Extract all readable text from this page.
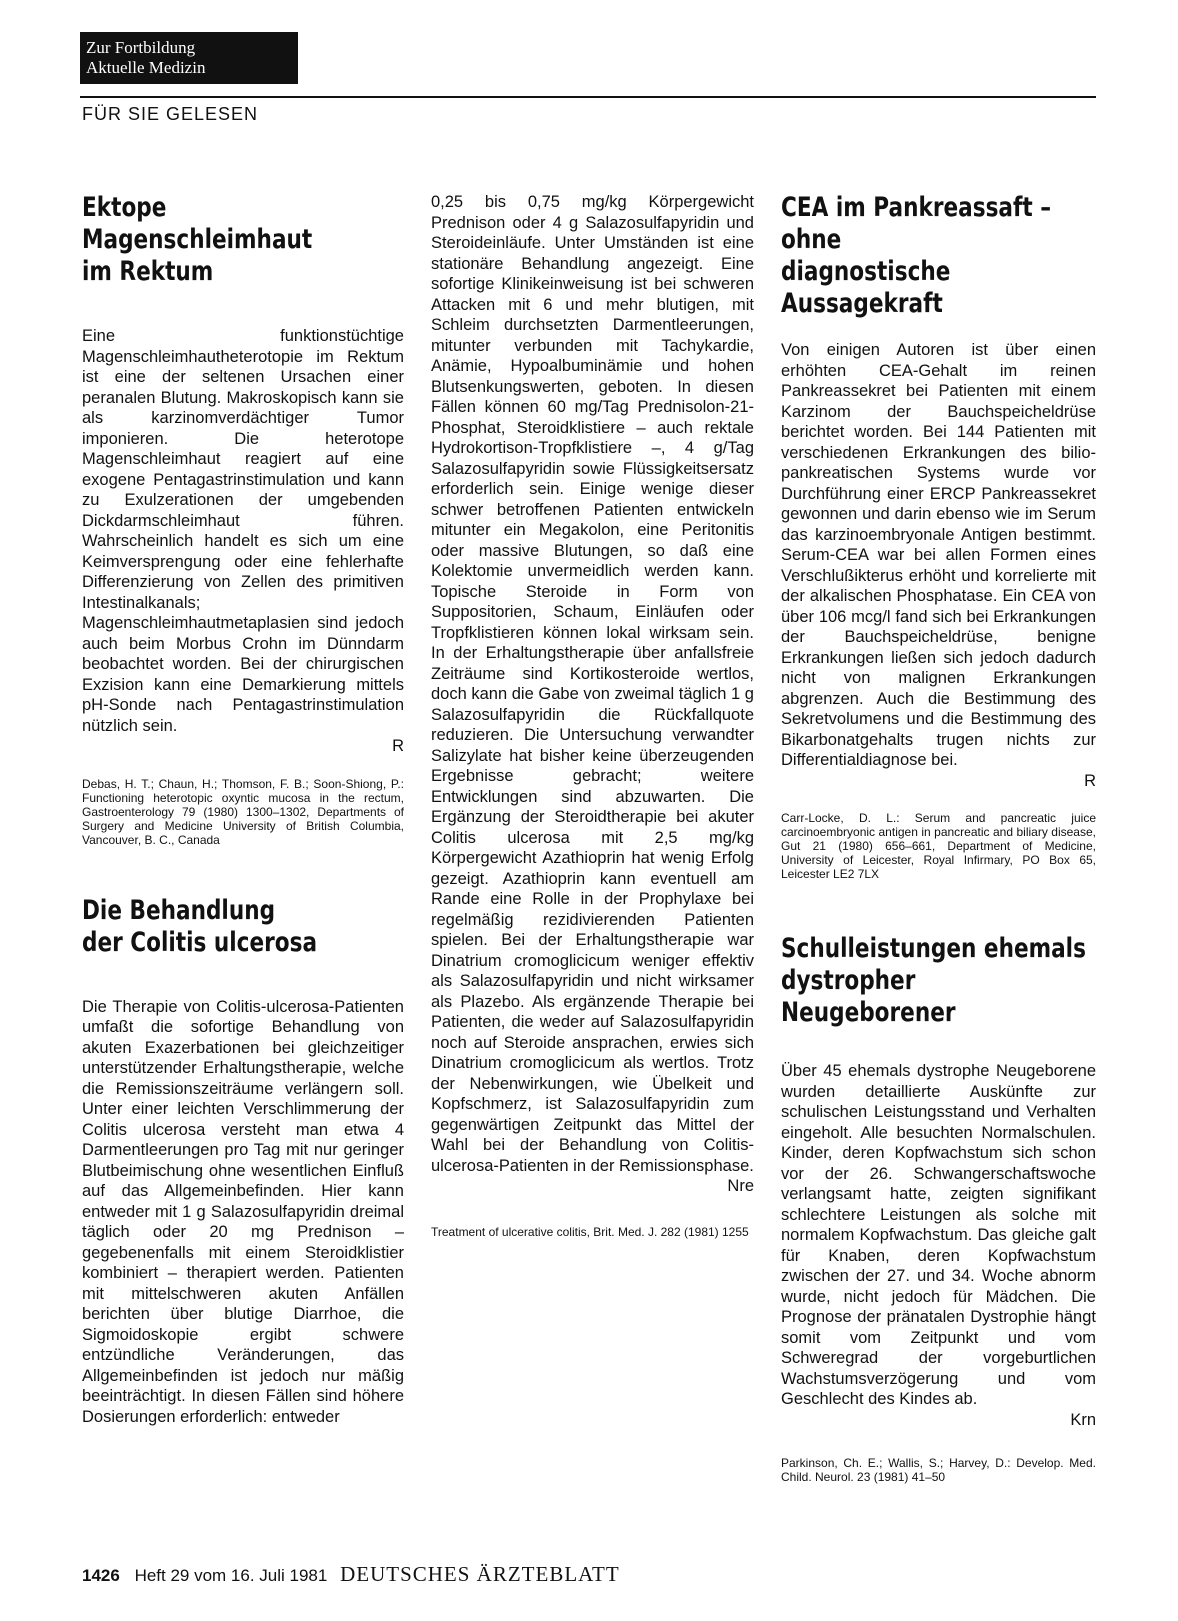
Zur Fortbildung
Aktuelle Medizin
FÜR SIE GELESEN
Ektope Magenschleimhaut
im Rektum

Eine funktionstüchtige Magenschleimhautheterotopie im Rektum ist eine der seltenen Ursachen einer peranalen Blutung. Makroskopisch kann sie als karzinomverdächtiger Tumor imponieren. Die heterotope Magenschleimhaut reagiert auf eine exogene Pentagastrinstimulation und kann zu Exulzerationen der umgebenden Dickdarmschleimhaut führen. Wahrscheinlich handelt es sich um eine Keimversprengung oder eine fehlerhafte Differenzierung von Zellen des primitiven Intestinalkanals; Magenschleimhautmetaplasien sind jedoch auch beim Morbus Crohn im Dünndarm beobachtet worden. Bei der chirurgischen Exzision kann eine Demarkierung mittels pH-Sonde nach Pentagastrinstimulation nützlich sein.
R

Debas, H. T.; Chaun, H.; Thomson, F. B.; Soon-Shiong, P.: Functioning heterotopic oxyntic mucosa in the rectum, Gastroenterology 79 (1980) 1300–1302, Departments of Surgery and Medicine University of British Columbia, Vancouver, B. C., Canada

Die Behandlung
der Colitis ulcerosa

Die Therapie von Colitis-ulcerosa-Patienten umfaßt die sofortige Behandlung von akuten Exazerbationen bei gleichzeitiger unterstützender Erhaltungstherapie, welche die Remissionszeiträume verlängern soll. Unter einer leichten Verschlimmerung der Colitis ulcerosa versteht man etwa 4 Darmentleerungen pro Tag mit nur geringer Blutbeimischung ohne wesentlichen Einfluß auf das Allgemeinbefinden. Hier kann entweder mit 1 g Salazosulfapyridin dreimal täglich oder 20 mg Prednison – gegebenenfalls mit einem Steroidklistier kombiniert – therapiert werden. Patienten mit mittelschweren akuten Anfällen berichten über blutige Diarrhoe, die Sigmoidoskopie ergibt schwere entzündliche Veränderungen, das Allgemeinbefinden ist jedoch nur mäßig beeinträchtigt. In diesen Fällen sind höhere Dosierungen erforderlich: entweder

0,25 bis 0,75 mg/kg Körpergewicht Prednison oder 4 g Salazosulfapyridin und Steroideinläufe. Unter Umständen ist eine stationäre Behandlung angezeigt. Eine sofortige Klinikeinweisung ist bei schweren Attacken mit 6 und mehr blutigen, mit Schleim durchsetzten Darmentleerungen, mitunter verbunden mit Tachykardie, Anämie, Hypoalbuminämie und hohen Blutsenkungswerten, geboten. In diesen Fällen können 60 mg/Tag Prednisolon-21-Phosphat, Steroidklistiere – auch rektale Hydrokortison-Tropfklistiere –, 4 g/Tag Salazosulfapyridin sowie Flüssigkeitsersatz erforderlich sein. Einige wenige dieser schwer betroffenen Patienten entwickeln mitunter ein Megakolon, eine Peritonitis oder massive Blutungen, so daß eine Kolektomie unvermeidlich werden kann. Topische Steroide in Form von Suppositorien, Schaum, Einläufen oder Tropfklistieren können lokal wirksam sein. In der Erhaltungstherapie über anfallsfreie Zeiträume sind Kortikosteroide wertlos, doch kann die Gabe von zweimal täglich 1 g Salazosulfapyridin die Rückfallquote reduzieren. Die Untersuchung verwandter Salizylate hat bisher keine überzeugenden Ergebnisse gebracht; weitere Entwicklungen sind abzuwarten. Die Ergänzung der Steroidtherapie bei akuter Colitis ulcerosa mit 2,5 mg/kg Körpergewicht Azathioprin hat wenig Erfolg gezeigt. Azathioprin kann eventuell am Rande eine Rolle in der Prophylaxe bei regelmäßig rezidivierenden Patienten spielen. Bei der Erhaltungstherapie war Dinatrium cromoglicicum weniger effektiv als Salazosulfapyridin und nicht wirksamer als Plazebo. Als ergänzende Therapie bei Patienten, die weder auf Salazosulfapyridin noch auf Steroide ansprachen, erwies sich Dinatrium cromoglicicum als wertlos. Trotz der Nebenwirkungen, wie Übelkeit und Kopfschmerz, ist Salazosulfapyridin zum gegenwärtigen Zeitpunkt das Mittel der Wahl bei der Behandlung von Colitis-ulcerosa-Patienten in der Remissionsphase.
Nre

Treatment of ulcerative colitis, Brit. Med. J. 282 (1981) 1255

CEA im Pankreassaft – ohne
diagnostische Aussagekraft

Von einigen Autoren ist über einen erhöhten CEA-Gehalt im reinen Pankreassekret bei Patienten mit einem Karzinom der Bauchspeicheldrüse berichtet worden. Bei 144 Patienten mit verschiedenen Erkrankungen des bilio-pankreatischen Systems wurde vor Durchführung einer ERCP Pankreassekret gewonnen und darin ebenso wie im Serum das karzinoembryonale Antigen bestimmt. Serum-CEA war bei allen Formen eines Verschlußikterus erhöht und korrelierte mit der alkalischen Phosphatase. Ein CEA von über 106 mcg/l fand sich bei Erkrankungen der Bauchspeicheldrüse, benigne Erkrankungen ließen sich jedoch dadurch nicht von malignen Erkrankungen abgrenzen. Auch die Bestimmung des Sekretvolumens und die Bestimmung des Bikarbonatgehalts trugen nichts zur Differentialdiagnose bei.
R

Carr-Locke, D. L.: Serum and pancreatic juice carcinoembryonic antigen in pancreatic and biliary disease, Gut 21 (1980) 656–661, Department of Medicine, University of Leicester, Royal Infirmary, PO Box 65, Leicester LE2 7LX

Schulleistungen ehemals
dystropher Neugeborener

Über 45 ehemals dystrophe Neugeborene wurden detaillierte Auskünfte zur schulischen Leistungsstand und Verhalten eingeholt. Alle besuchten Normalschulen. Kinder, deren Kopfwachstum sich schon vor der 26. Schwangerschaftswoche verlangsamt hatte, zeigten signifikant schlechtere Leistungen als solche mit normalem Kopfwachstum. Das gleiche galt für Knaben, deren Kopfwachstum zwischen der 27. und 34. Woche abnorm wurde, nicht jedoch für Mädchen. Die Prognose der pränatalen Dystrophie hängt somit vom Zeitpunkt und vom Schweregrad der vorgeburtlichen Wachstumsverzögerung und vom Geschlecht des Kindes ab.
Krn

Parkinson, Ch. E.; Wallis, S.; Harvey, D.: Develop. Med. Child. Neurol. 23 (1981) 41–50

1426 Heft 29 vom 16. Juli 1981 DEUTSCHES ÄRZTEBLATT
